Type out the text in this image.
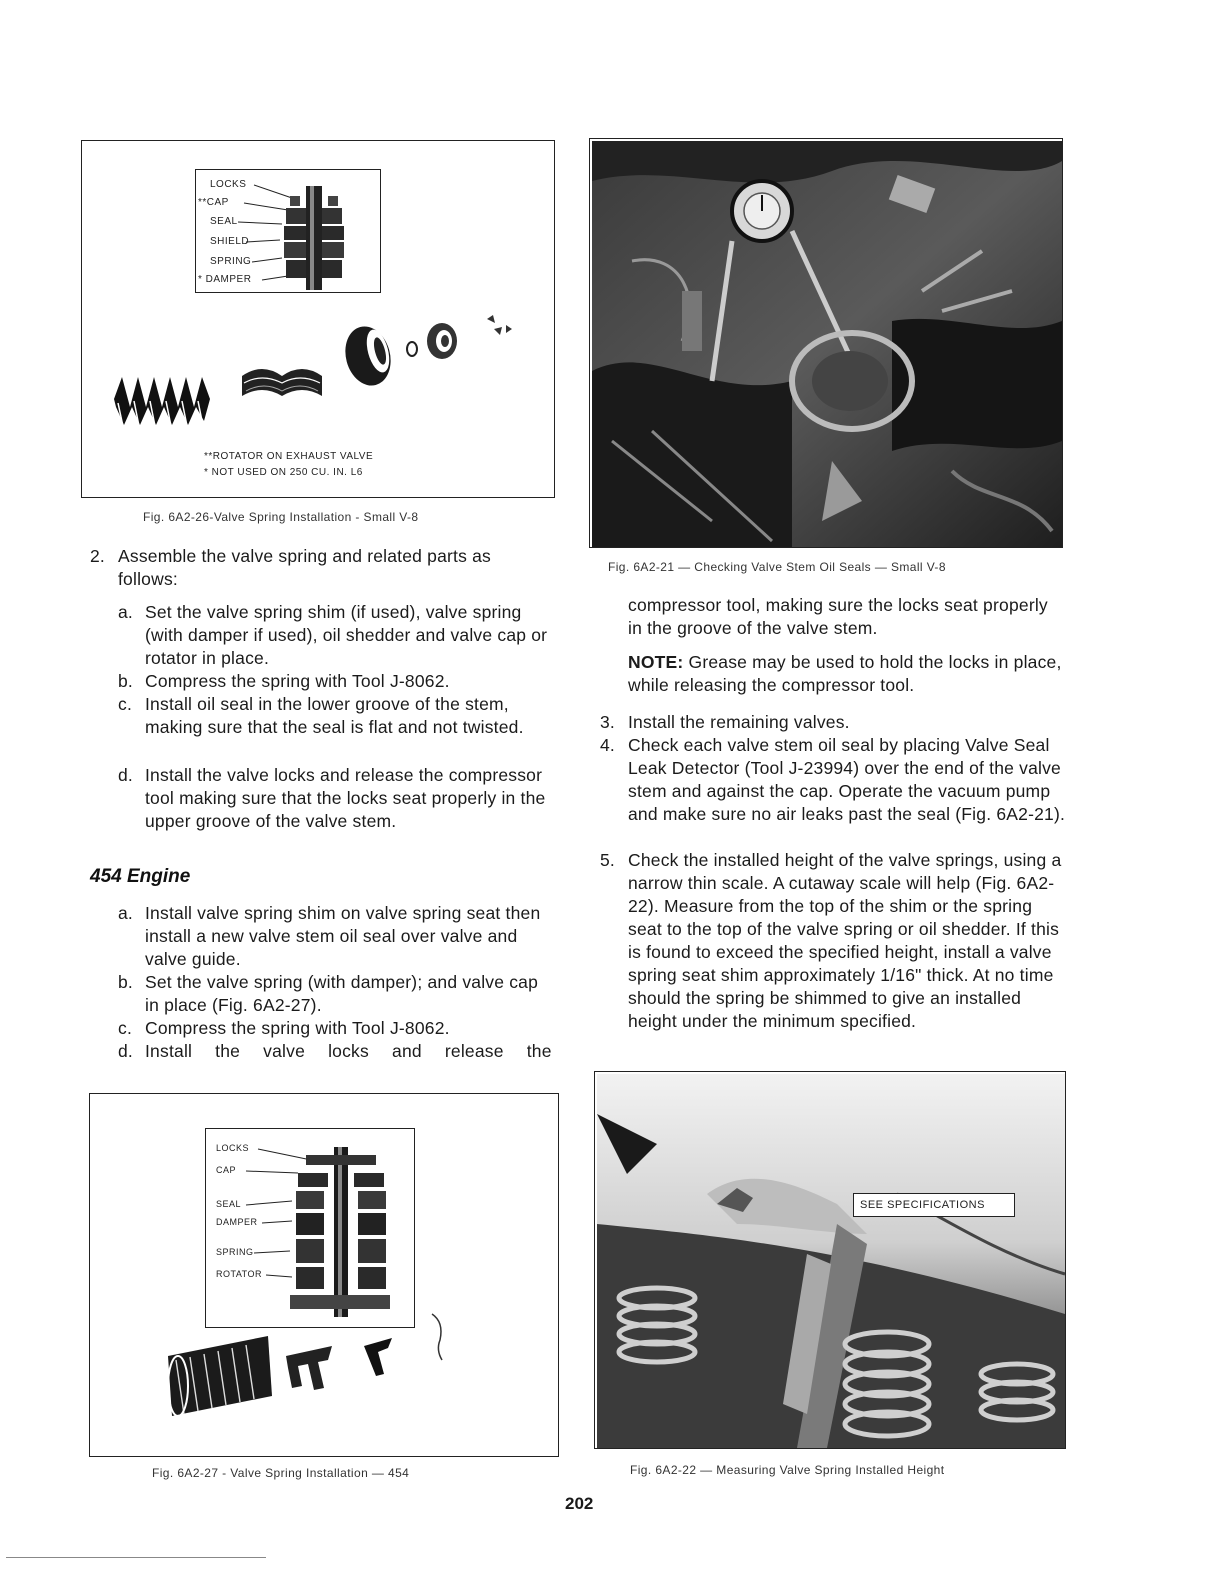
LOCKS
**CAP
SEAL
SHIELD
SPRING
* DAMPER
**ROTATOR ON EXHAUST VALVE
* NOT USED ON 250 CU. IN. L6
Fig. 6A2-26-Valve Spring Installation - Small V-8
Fig. 6A2-21 — Checking Valve Stem Oil Seals — Small V-8
2. Assemble the valve spring and related parts as follows:
a. Set the valve spring shim (if used), valve spring (with damper if used), oil shedder and valve cap or rotator in place.
b. Compress the spring with Tool J-8062.
c. Install oil seal in the lower groove of the stem, making sure that the seal is flat and not twisted.
d. Install the valve locks and release the compressor tool making sure that the locks seat properly in the upper groove of the valve stem.
454 Engine
a. Install valve spring shim on valve spring seat then install a new valve stem oil seal over valve and valve guide.
b. Set the valve spring (with damper); and valve cap in place (Fig. 6A2-27).
c. Compress the spring with Tool J-8062.
d. Install the valve locks and release the
compressor tool, making sure the locks seat properly in the groove of the valve stem.
NOTE: Grease may be used to hold the locks in place, while releasing the compressor tool.
3. Install the remaining valves.
4. Check each valve stem oil seal by placing Valve Seal Leak Detector (Tool J-23994) over the end of the valve stem and against the cap. Operate the vacuum pump and make sure no air leaks past the seal (Fig. 6A2-21).
5. Check the installed height of the valve springs, using a narrow thin scale. A cutaway scale will help (Fig. 6A2-22). Measure from the top of the shim or the spring seat to the top of the valve spring or oil shedder. If this is found to exceed the specified height, install a valve spring seat shim approximately 1/16" thick. At no time should the spring be shimmed to give an installed height under the minimum specified.
LOCKS
CAP
SEAL
DAMPER
SPRING
ROTATOR
Fig. 6A2-27 - Valve Spring Installation — 454
SEE SPECIFICATIONS
Fig. 6A2-22 — Measuring Valve Spring Installed Height
202
